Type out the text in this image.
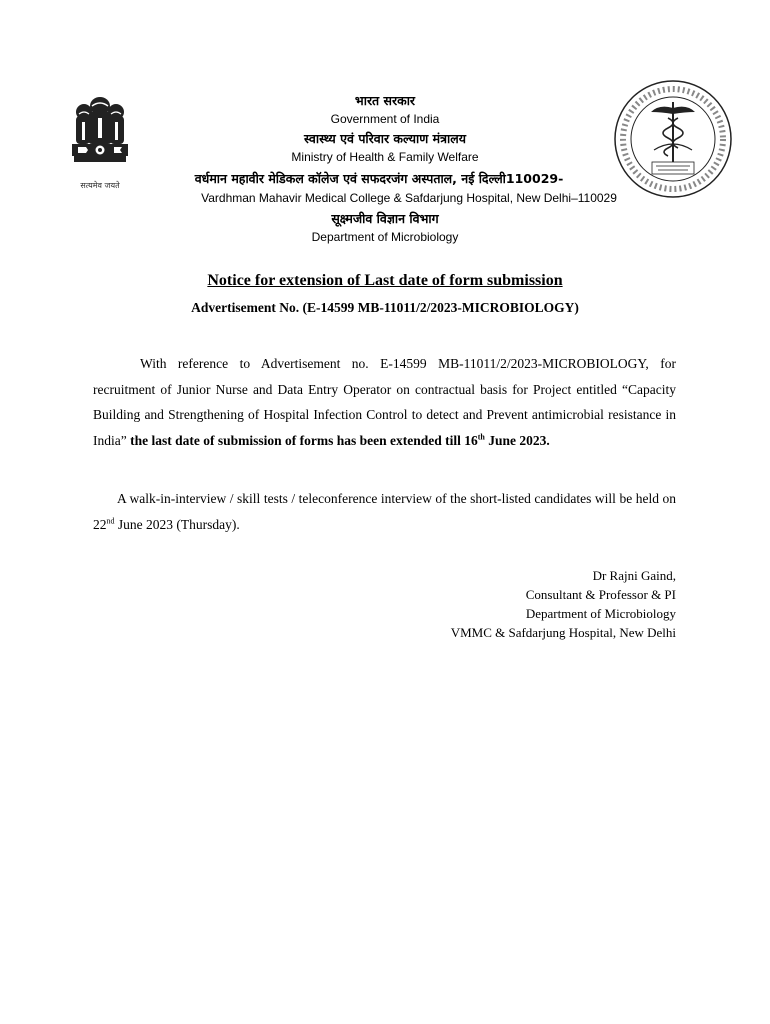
सत्यमेव जयते
भारत सरकार
Government of India
स्वास्थ्य एवं परिवार कल्याण मंत्रालय
Ministry of Health & Family Welfare
वर्धमान महावीर मेडिकल कॉलेज एवं सफदरजंग अस्पताल, नई दिल्ली110029-
Vardhman Mahavir Medical College & Safdarjung Hospital, New Delhi–110029
सूक्ष्मजीव विज्ञान विभाग
Department of Microbiology
Notice for extension of Last date of form submission
Advertisement No. (E-14599 MB-11011/2/2023-MICROBIOLOGY)

With reference to Advertisement no. E-14599 MB-11011/2/2023-MICROBIOLOGY, for recruitment of Junior Nurse and Data Entry Operator on contractual basis for Project entitled “Capacity Building and Strengthening of Hospital Infection Control to detect and Prevent antimicrobial resistance in India” the last date of submission of forms has been extended till 16th June 2023.

A walk-in-interview / skill tests / teleconference interview of the short-listed candidates will be held on 22nd June 2023 (Thursday).

Dr Rajni Gaind,
Consultant & Professor & PI
Department of Microbiology
VMMC & Safdarjung Hospital, New Delhi
